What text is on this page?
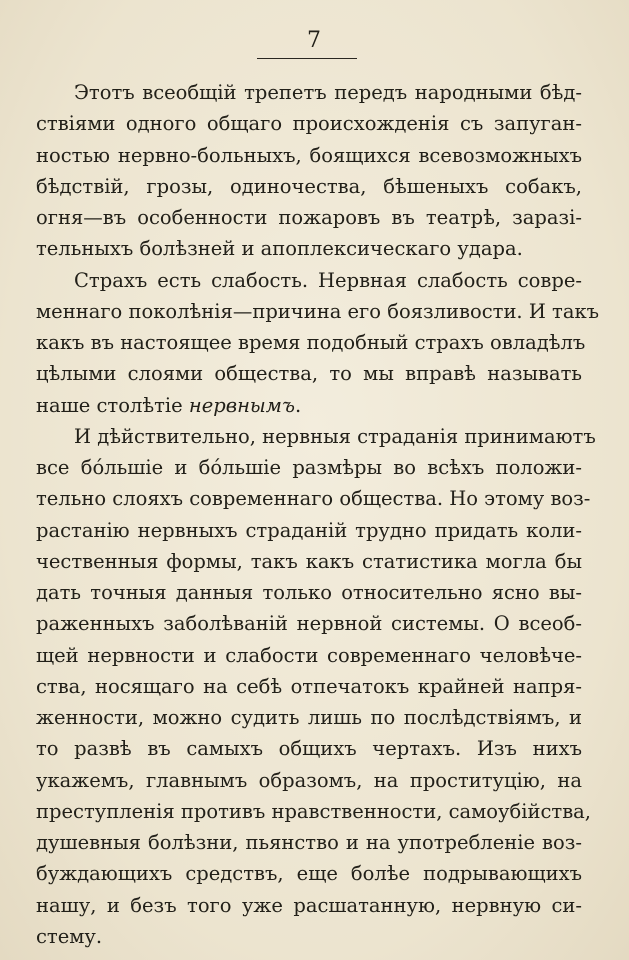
7

Этотъ всеобщій трепетъ передъ народными бѣд-
ствіями одного общаго происхожденія съ запуган-
ностью нервно-больныхъ, боящихся всевозможныхъ
бѣдствій, грозы, одиночества, бѣшеныхъ собакъ,
огня—въ особенности пожаровъ въ театрѣ, заразі-
тельныхъ болѣзней и апоплексическаго удара.

Страхъ есть слабость. Нервная слабость совре-
меннаго поколѣнія—причина его боязливости. И такъ
какъ въ настоящее время подобный страхъ овладѣлъ
цѣлыми слоями общества, то мы вправѣ называть
наше столѣтіе нервнымъ.

И дѣйствительно, нервныя страданія принимаютъ
все бóльшіе и бóльшіе размѣры во всѣхъ положи-
тельно слояхъ современнаго общества. Но этому воз-
растанію нервныхъ страданій трудно придать коли-
чественныя формы, такъ какъ статистика могла бы
дать точныя данныя только относительно ясно вы-
раженныхъ заболѣваній нервной системы. О всеоб-
щей нервности и слабости современнаго человѣче-
ства, носящаго на себѣ отпечатокъ крайней напря-
женности, можно судить лишь по послѣдствіямъ, и
то развѣ въ самыхъ общихъ чертахъ. Изъ нихъ
укажемъ, главнымъ образомъ, на проституцію, на
преступленія противъ нравственности, самоубійства,
душевныя болѣзни, пьянство и на употребленіе воз-
буждающихъ средствъ, еще болѣе подрывающихъ
нашу, и безъ того уже расшатанную, нервную си-
стему.
